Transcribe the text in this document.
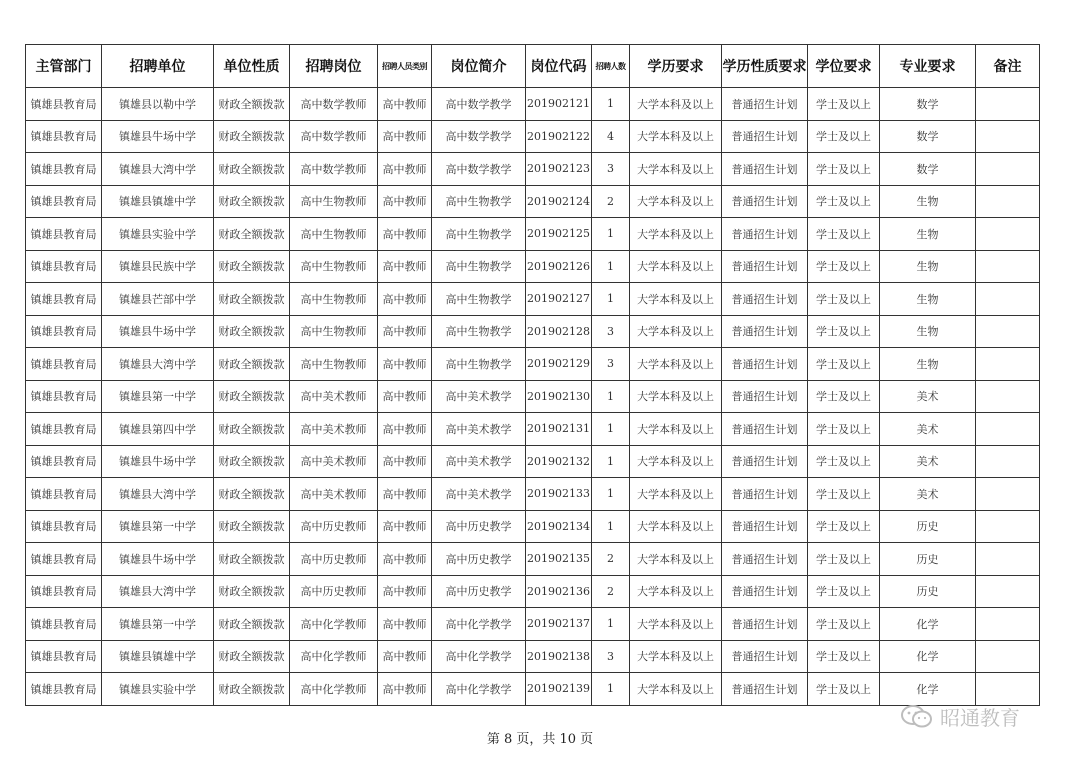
主管部门	招聘单位	单位性质	招聘岗位	招聘人员类别	岗位简介	岗位代码	招聘人数	学历要求	学历性质要求	学位要求	专业要求	备注
镇雄县教育局	镇雄县以勒中学	财政全额拨款	高中数学教师	高中教师	高中数学教学	201902121	1	大学本科及以上	普通招生计划	学士及以上	数学	
镇雄县教育局	镇雄县牛场中学	财政全额拨款	高中数学教师	高中教师	高中数学教学	201902122	4	大学本科及以上	普通招生计划	学士及以上	数学	
镇雄县教育局	镇雄县大湾中学	财政全额拨款	高中数学教师	高中教师	高中数学教学	201902123	3	大学本科及以上	普通招生计划	学士及以上	数学	
镇雄县教育局	镇雄县镇雄中学	财政全额拨款	高中生物教师	高中教师	高中生物教学	201902124	2	大学本科及以上	普通招生计划	学士及以上	生物	
镇雄县教育局	镇雄县实验中学	财政全额拨款	高中生物教师	高中教师	高中生物教学	201902125	1	大学本科及以上	普通招生计划	学士及以上	生物	
镇雄县教育局	镇雄县民族中学	财政全额拨款	高中生物教师	高中教师	高中生物教学	201902126	1	大学本科及以上	普通招生计划	学士及以上	生物	
镇雄县教育局	镇雄县芒部中学	财政全额拨款	高中生物教师	高中教师	高中生物教学	201902127	1	大学本科及以上	普通招生计划	学士及以上	生物	
镇雄县教育局	镇雄县牛场中学	财政全额拨款	高中生物教师	高中教师	高中生物教学	201902128	3	大学本科及以上	普通招生计划	学士及以上	生物	
镇雄县教育局	镇雄县大湾中学	财政全额拨款	高中生物教师	高中教师	高中生物教学	201902129	3	大学本科及以上	普通招生计划	学士及以上	生物	
镇雄县教育局	镇雄县第一中学	财政全额拨款	高中美术教师	高中教师	高中美术教学	201902130	1	大学本科及以上	普通招生计划	学士及以上	美术	
镇雄县教育局	镇雄县第四中学	财政全额拨款	高中美术教师	高中教师	高中美术教学	201902131	1	大学本科及以上	普通招生计划	学士及以上	美术	
镇雄县教育局	镇雄县牛场中学	财政全额拨款	高中美术教师	高中教师	高中美术教学	201902132	1	大学本科及以上	普通招生计划	学士及以上	美术	
镇雄县教育局	镇雄县大湾中学	财政全额拨款	高中美术教师	高中教师	高中美术教学	201902133	1	大学本科及以上	普通招生计划	学士及以上	美术	
镇雄县教育局	镇雄县第一中学	财政全额拨款	高中历史教师	高中教师	高中历史教学	201902134	1	大学本科及以上	普通招生计划	学士及以上	历史	
镇雄县教育局	镇雄县牛场中学	财政全额拨款	高中历史教师	高中教师	高中历史教学	201902135	2	大学本科及以上	普通招生计划	学士及以上	历史	
镇雄县教育局	镇雄县大湾中学	财政全额拨款	高中历史教师	高中教师	高中历史教学	201902136	2	大学本科及以上	普通招生计划	学士及以上	历史	
镇雄县教育局	镇雄县第一中学	财政全额拨款	高中化学教师	高中教师	高中化学教学	201902137	1	大学本科及以上	普通招生计划	学士及以上	化学	
镇雄县教育局	镇雄县镇雄中学	财政全额拨款	高中化学教师	高中教师	高中化学教学	201902138	3	大学本科及以上	普通招生计划	学士及以上	化学	
镇雄县教育局	镇雄县实验中学	财政全额拨款	高中化学教师	高中教师	高中化学教学	201902139	1	大学本科及以上	普通招生计划	学士及以上	化学	
第 8 页，共 10 页
昭通教育
